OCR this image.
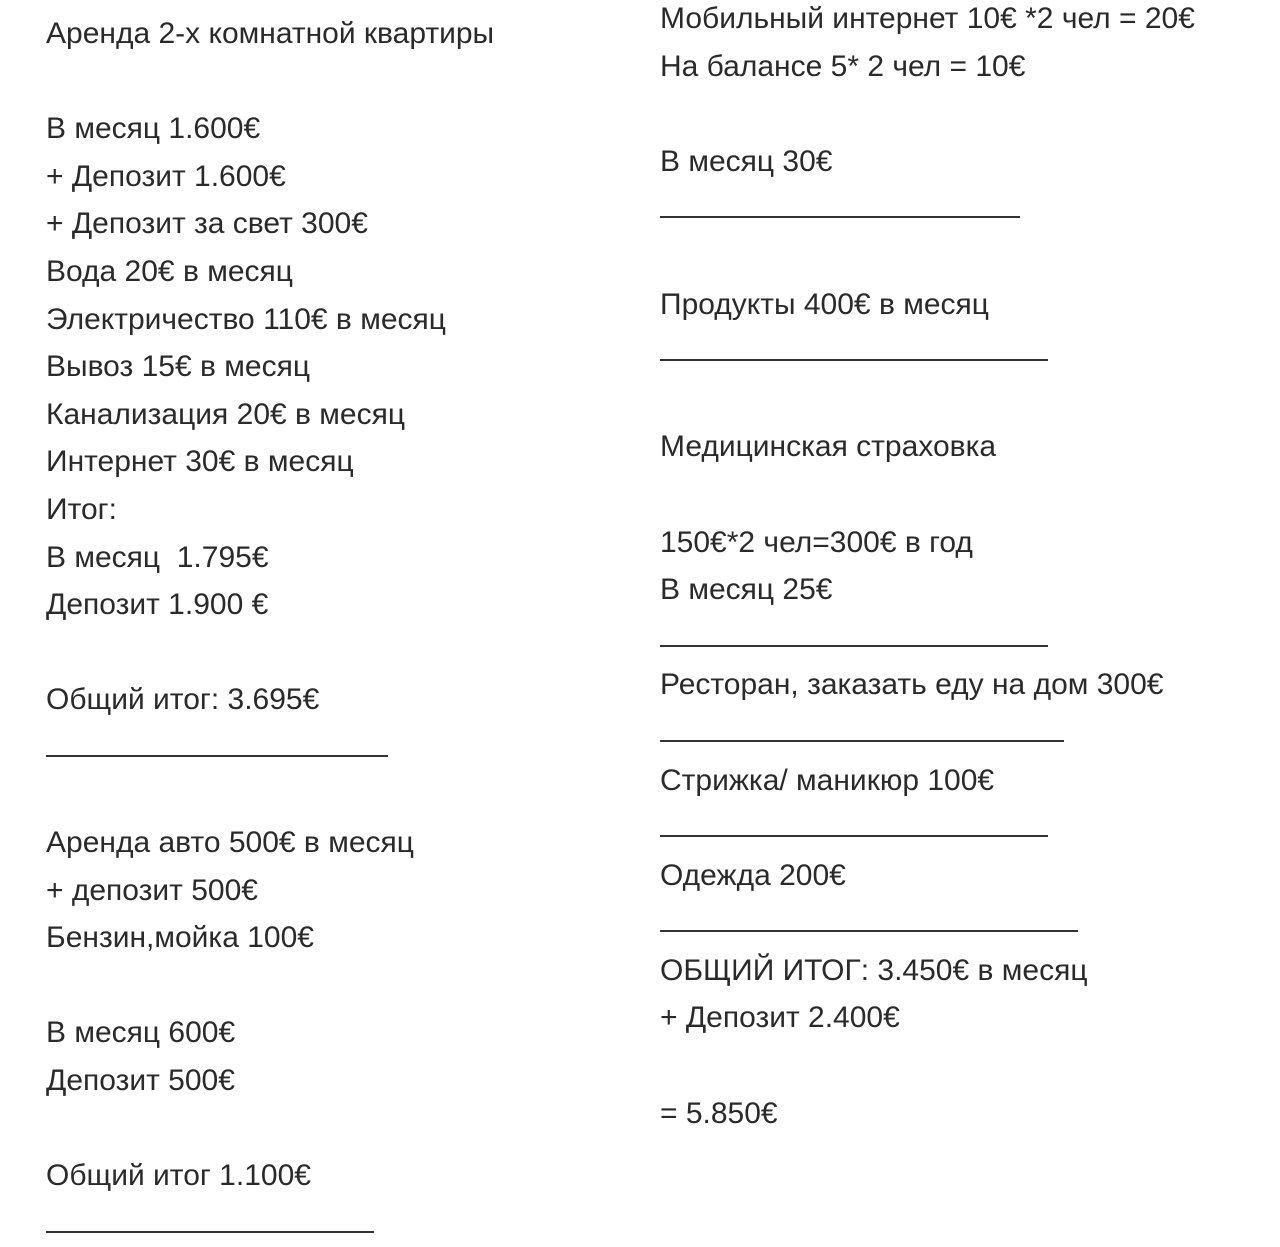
Аренда 2-х комнатной квартиры
В месяц 1.600€
+ Депозит 1.600€
+ Депозит за свет 300€
Вода 20€ в месяц
Электричество 110€ в месяц
Вывоз 15€ в месяц
Канализация 20€ в месяц
Интернет 30€ в месяц
Итог:
В месяц  1.795€
Депозит 1.900 €
Общий итог: 3.695€
Аренда авто 500€ в месяц
+ депозит 500€
Бензин,мойка 100€
В месяц 600€
Депозит 500€
Общий итог 1.100€
Мобильный интернет 10€ *2 чел = 20€
На балансе 5* 2 чел = 10€
В месяц 30€
Продукты 400€ в месяц
Медицинская страховка
150€*2 чел=300€ в год
В месяц 25€
Ресторан, заказать еду на дом 300€
Стрижка/ маникюр 100€
Одежда 200€
ОБЩИЙ ИТОГ: 3.450€ в месяц
+ Депозит 2.400€
= 5.850€
